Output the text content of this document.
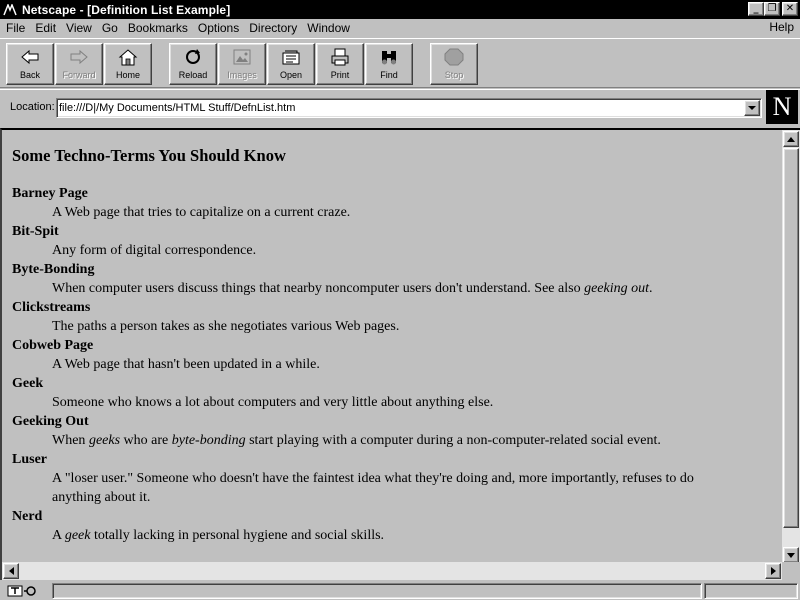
Netscape - [Definition List Example]	_ ❐ ✕
File Edit View Go Bookmarks Options Directory Window	Help
Back Forward Home	Reload Images	Open	Print	Find	Stop
Location:
file:///D|/My Documents/HTML Stuff/DefnList.htm	N
Some Techno-Terms You Should Know
Barney Page
A Web page that tries to capitalize on a current craze.
Bit-Spit
Any form of digital correspondence.
Byte-Bonding
When computer users discuss things that nearby noncomputer users don't understand. See also geeking out.
Clickstreams
The paths a person takes as she negotiates various Web pages.
Cobweb Page
A Web page that hasn't been updated in a while.
Geek
Someone who knows a lot about computers and very little about anything else.
Geeking Out
When geeks who are byte-bonding start playing with a computer during a non-computer-related social event.
Luser
A "loser user." Someone who doesn't have the faintest idea what they're doing and, more importantly, refuses to do anything about it.
Nerd
A geek totally lacking in personal hygiene and social skills.
